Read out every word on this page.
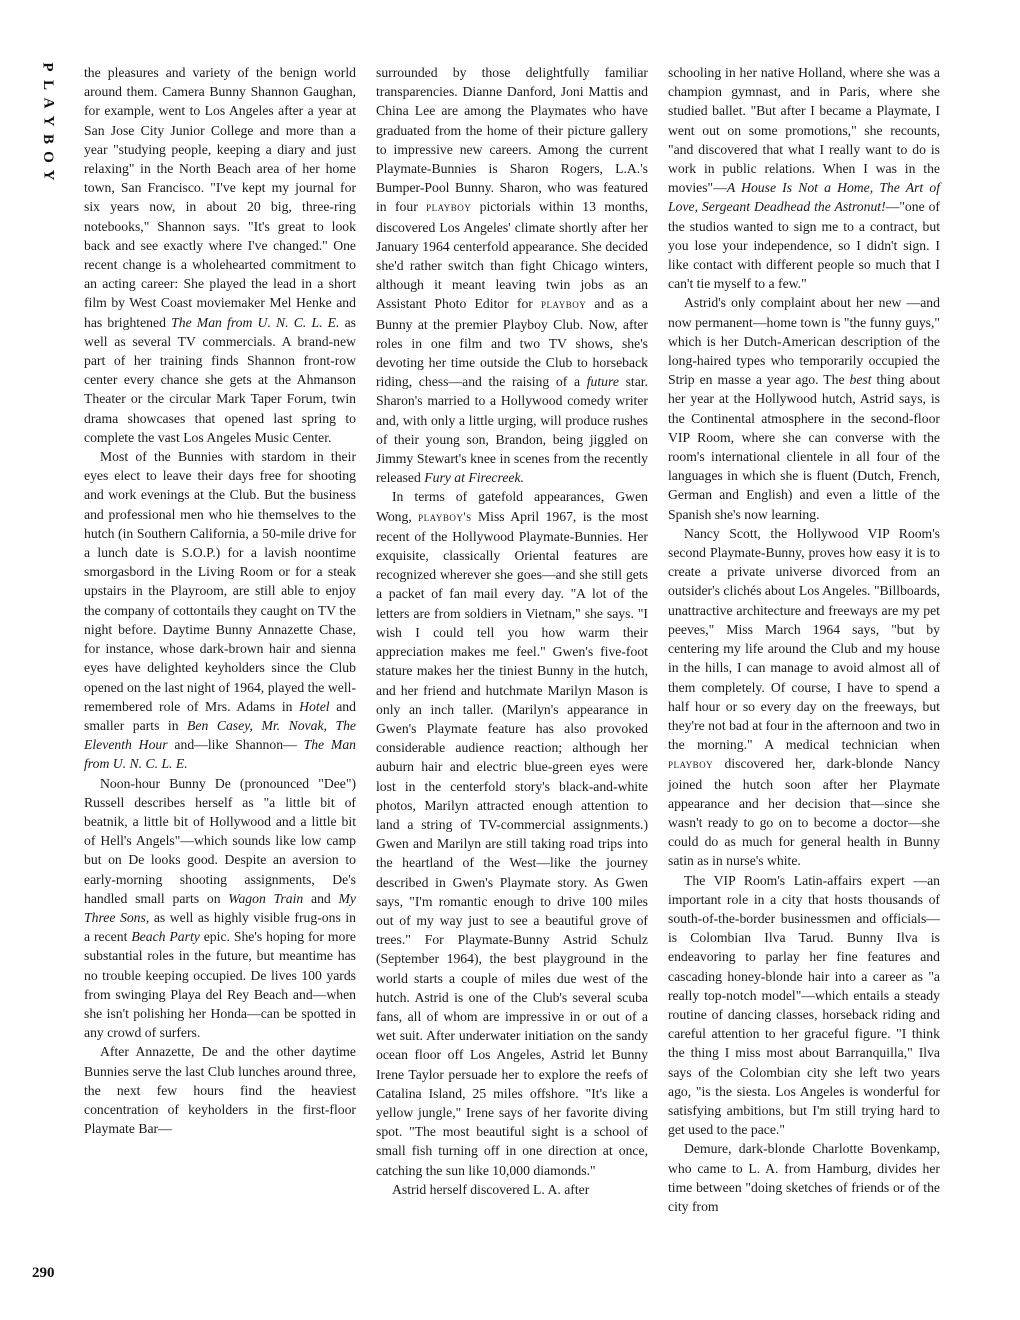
P
L
A
Y
B
O
Y

the pleasures and variety of the benign world around them. Camera Bunny Shannon Gaughan, for example, went to Los Angeles after a year at San Jose City Junior College and more than a year "studying people, keeping a diary and just relaxing" in the North Beach area of her home town, San Francisco. "I've kept my journal for six years now, in about 20 big, three-ring notebooks," Shannon says. "It's great to look back and see exactly where I've changed." One recent change is a wholehearted commitment to an acting career: She played the lead in a short film by West Coast moviemaker Mel Henke and has brightened The Man from U. N. C. L. E. as well as several TV commercials. A brand-new part of her training finds Shannon front-row center every chance she gets at the Ahmanson Theater or the circular Mark Taper Forum, twin drama showcases that opened last spring to complete the vast Los Angeles Music Center.

Most of the Bunnies with stardom in their eyes elect to leave their days free for shooting and work evenings at the Club. But the business and professional men who hie themselves to the hutch (in Southern California, a 50-mile drive for a lunch date is S.O.P.) for a lavish noontime smorgasbord in the Living Room or for a steak upstairs in the Playroom, are still able to enjoy the company of cottontails they caught on TV the night before. Daytime Bunny Annazette Chase, for instance, whose dark-brown hair and sienna eyes have delighted keyholders since the Club opened on the last night of 1964, played the well-remembered role of Mrs. Adams in Hotel and smaller parts in Ben Casey, Mr. Novak, The Eleventh Hour and—like Shannon— The Man from U. N. C. L. E.

Noon-hour Bunny De (pronounced "Dee") Russell describes herself as "a little bit of beatnik, a little bit of Hollywood and a little bit of Hell's Angels"—which sounds like low camp but on De looks good. Despite an aversion to early-morning shooting assignments, De's handled small parts on Wagon Train and My Three Sons, as well as highly visible frug-ons in a recent Beach Party epic. She's hoping for more substantial roles in the future, but meantime has no trouble keeping occupied. De lives 100 yards from swinging Playa del Rey Beach and—when she isn't polishing her Honda—can be spotted in any crowd of surfers.

After Annazette, De and the other daytime Bunnies serve the last Club lunches around three, the next few hours find the heaviest concentration of keyholders in the first-floor Playmate Bar—

surrounded by those delightfully familiar transparencies. Dianne Danford, Joni Mattis and China Lee are among the Playmates who have graduated from the home of their picture gallery to impressive new careers. Among the current Playmate-Bunnies is Sharon Rogers, L.A.'s Bumper-Pool Bunny. Sharon, who was featured in four playboy pictorials within 13 months, discovered Los Angeles' climate shortly after her January 1964 centerfold appearance. She decided she'd rather switch than fight Chicago winters, although it meant leaving twin jobs as an Assistant Photo Editor for playboy and as a Bunny at the premier Playboy Club. Now, after roles in one film and two TV shows, she's devoting her time outside the Club to horseback riding, chess—and the raising of a future star. Sharon's married to a Hollywood comedy writer and, with only a little urging, will produce rushes of their young son, Brandon, being jiggled on Jimmy Stewart's knee in scenes from the recently released Fury at Firecreek.

In terms of gatefold appearances, Gwen Wong, playboy's Miss April 1967, is the most recent of the Hollywood Playmate-Bunnies. Her exquisite, classically Oriental features are recognized wherever she goes—and she still gets a packet of fan mail every day. "A lot of the letters are from soldiers in Vietnam," she says. "I wish I could tell you how warm their appreciation makes me feel." Gwen's five-foot stature makes her the tiniest Bunny in the hutch, and her friend and hutchmate Marilyn Mason is only an inch taller. (Marilyn's appearance in Gwen's Playmate feature has also provoked considerable audience reaction; although her auburn hair and electric blue-green eyes were lost in the centerfold story's black-and-white photos, Marilyn attracted enough attention to land a string of TV-commercial assignments.) Gwen and Marilyn are still taking road trips into the heartland of the West—like the journey described in Gwen's Playmate story. As Gwen says, "I'm romantic enough to drive 100 miles out of my way just to see a beautiful grove of trees." For Playmate-Bunny Astrid Schulz (September 1964), the best playground in the world starts a couple of miles due west of the hutch. Astrid is one of the Club's several scuba fans, all of whom are impressive in or out of a wet suit. After underwater initiation on the sandy ocean floor off Los Angeles, Astrid let Bunny Irene Taylor persuade her to explore the reefs of Catalina Island, 25 miles offshore. "It's like a yellow jungle," Irene says of her favorite diving spot. "The most beautiful sight is a school of small fish turning off in one direction at once, catching the sun like 10,000 diamonds."

Astrid herself discovered L. A. after

schooling in her native Holland, where she was a champion gymnast, and in Paris, where she studied ballet. "But after I became a Playmate, I went out on some promotions," she recounts, "and discovered that what I really want to do is work in public relations. When I was in the movies"—A House Is Not a Home, The Art of Love, Sergeant Deadhead the Astronut!—"one of the studios wanted to sign me to a contract, but you lose your independence, so I didn't sign. I like contact with different people so much that I can't tie myself to a few."

Astrid's only complaint about her new —and now permanent—home town is "the funny guys," which is her Dutch-American description of the long-haired types who temporarily occupied the Strip en masse a year ago. The best thing about her year at the Hollywood hutch, Astrid says, is the Continental atmosphere in the second-floor VIP Room, where she can converse with the room's international clientele in all four of the languages in which she is fluent (Dutch, French, German and English) and even a little of the Spanish she's now learning.

Nancy Scott, the Hollywood VIP Room's second Playmate-Bunny, proves how easy it is to create a private universe divorced from an outsider's clichés about Los Angeles. "Billboards, unattractive architecture and freeways are my pet peeves," Miss March 1964 says, "but by centering my life around the Club and my house in the hills, I can manage to avoid almost all of them completely. Of course, I have to spend a half hour or so every day on the freeways, but they're not bad at four in the afternoon and two in the morning." A medical technician when playboy discovered her, dark-blonde Nancy joined the hutch soon after her Playmate appearance and her decision that—since she wasn't ready to go on to become a doctor—she could do as much for general health in Bunny satin as in nurse's white.

The VIP Room's Latin-affairs expert —an important role in a city that hosts thousands of south-of-the-border businessmen and officials—is Colombian Ilva Tarud. Bunny Ilva is endeavoring to parlay her fine features and cascading honey-blonde hair into a career as "a really top-notch model"—which entails a steady routine of dancing classes, horseback riding and careful attention to her graceful figure. "I think the thing I miss most about Barranquilla," Ilva says of the Colombian city she left two years ago, "is the siesta. Los Angeles is wonderful for satisfying ambitions, but I'm still trying hard to get used to the pace."

Demure, dark-blonde Charlotte Bovenkamp, who came to L. A. from Hamburg, divides her time between "doing sketches of friends or of the city from

290
